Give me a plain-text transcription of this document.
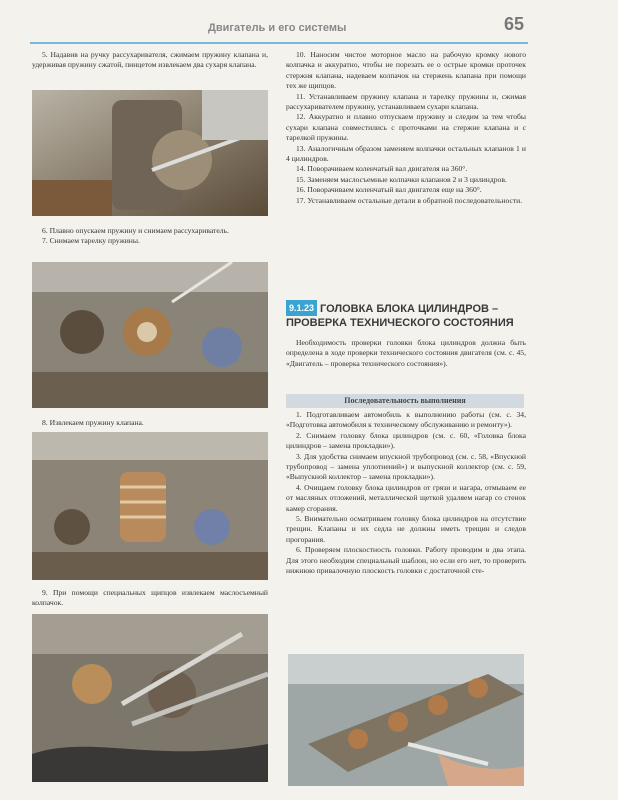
Двигатель и его системы	65

5. Надавив на ручку рассухаривателя, сжимаем пружину клапана и, удерживая пружину сжатой, пинцетом извлекаем два сухаря клапана.

6. Плавно опускаем пружину и снимаем рассухариватель.

7. Снимаем тарелку пружины.

8. Извлекаем пружину клапана.

9. При помощи специальных щипцов извлекаем маслосъемный колпачок.

10. Наносим чистое моторное масло на рабочую кромку нового колпачка и аккуратно, чтобы не порезать ее о острые кромки проточек стержня клапана, надеваем колпачок на стержень клапана при помощи тех же щипцов.

11. Устанавливаем пружину клапана и тарелку пружины и, сжимая рассухаривателем пружину, устанавливаем сухари клапана.

12. Аккуратно и плавно отпускаем пружину и следим за тем чтобы сухари клапана совместились с проточками на стержне клапана и с тарелкой пружины.

13. Аналогичным образом заменяем колпачки остальных клапанов 1 и 4 цилиндров.

14. Поворачиваем коленчатый вал двигателя на 360°.

15. Заменяем маслосъемные колпачки клапанов 2 и 3 цилиндров.

16. Поворачиваем коленчатый вал двигателя еще на 360°.

17. Устанавливаем остальные детали в обратной последовательности.

9.1.23 ГОЛОВКА БЛОКА ЦИЛИНДРОВ – ПРОВЕРКА ТЕХНИЧЕСКОГО СОСТОЯНИЯ

Необходимость проверки головки блока цилиндров должна быть определена в ходе проверки технического состояния двигателя (см. с. 45, «Двигатель – проверка технического состояния»).

Последовательность выполнения

1. Подготавливаем автомобиль к выполнению работы (см. с. 34, «Подготовка автомобиля к техническому обслуживанию и ремонту»).

2. Снимаем головку блока цилиндров (см. с. 60, «Головка блока цилиндров – замена прокладки»).

3. Для удобства снимаем впускной трубопровод (см. с. 58, «Впускной трубопровод – замена уплотнений») и выпускной коллектор (см. с. 59, «Выпускной коллектор – замена прокладки»).

4. Очищаем головку блока цилиндров от грязи и нагара, отмываем ее от масляных отложений, металлической щеткой удаляем нагар со стенок камер сгорания.

5. Внимательно осматриваем головку блока цилиндров на отсутствие трещин. Клапаны и их седла не должны иметь трещин и следов прогорания.

6. Проверяем плоскостность головки. Работу проводим в два этапа. Для этого необходим специальный шаблон, но если его нет, то проверить нижнюю привалочную плоскость головки с достаточной сте-
